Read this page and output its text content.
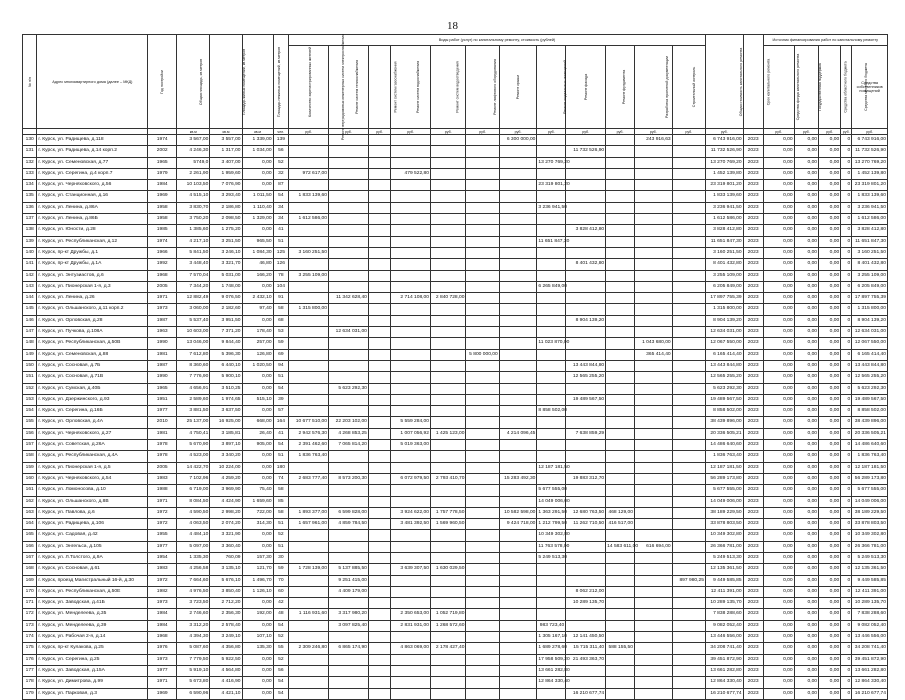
18
№ п/п	Адрес многоквартирного дома (далее – МКД)	Год постройки	Общая площадь, кв.метров	Площадь жилых помещений, кв.метров	Площадь нежилых помещений, кв.метров	Количество зарегистрированных жителей	Виды работ (услуг) по капитальному ремонту, стоимость (рублей)												Общая стоимость капитального ремонта	Срок капитального ремонта	Источник финансирования работ по капитальному ремонту				
							Ремонт внутридомовых инженерных систем электроснабжения	Ремонт систем теплоснабжения	Ремонт систем газоснабжения	Ремонт систем водоснабжения	Ремонт систем водоотведения	Ремонт лифтового оборудования	Ремонт крыши	Ремонт подвальных помещений	Ремонт фасада	Ремонт фундамента	Разработка проектной документации	Строительный контроль			Средства фонда капитального ремонта	Государственная поддержка	Средства областного бюджета	Средства местного бюджета	Средства собственников помещений
			кв.м	кв.м	кв.м	чел.	руб.	руб.	руб.	руб.	руб.	руб.	руб.	руб.	руб.	руб.	руб.	руб.	руб.		руб.	руб.	руб.	руб.	руб.
130	г. Курск, ул. Радищева, д.118	1974	3 567,00	3 557,00	1 339,00	139							6 300 000,00				243 916,63		6 743 916,00	2023	0,00	0,00	0,00	0	6 743 916,00
131	г. Курск, ул. Радищева, д.14 корп.2	2002	4 246,30	1 317,00	1 034,00	56									11 732 526,90				11 732 526,90	2023	0,00	0,00	0,00	0	11 732 526,90
132	г. Курск, ул. Семеновская, д.77	1965	5749,0	3 407,00	0,00	52								13 270 769,20					13 270 769,20	2023	0,00	0,00	0,00	0	13 270 769,20
133	г. Курск, ул. Серегина, д.4 корп.7	1979	2 261,90	1 959,60	0,00	32	972 617,00			479 522,80									1 452 139,80	2023	0,00	0,00	0,00	0	1 452 139,80
134	г. Курск, ул. Черняховского, д.56	1984	10 103,50	7 076,90	0,00	87								23 319 801,20					23 319 801,20	2023	0,00	0,00	0,00	0	23 319 801,20
135	г. Курск, ул. Станционная, д.16	1969	4 515,10	3 293,40	1 011,50	54	1 833 139,60												1 833 139,60	2023	0,00	0,00	0,00	0	1 833 139,60
136	г. Курск, ул. Ленина, д.86А	1958	3 830,70	2 186,80	1 110,40	34								3 236 941,50					3 236 941,50	2023	0,00	0,00	0,00	0	3 236 941,50
137	г. Курск, ул. Ленина, д.86Б	1958	3 750,20	2 098,50	1 329,00	34	1 612 586,00												1 612 586,00	2023	0,00	0,00	0,00	0	1 612 586,00
138	г. Курск, ул. Юности, д.28	1985	1 385,60	1 275,20	0,00	41									3 828 412,80				3 828 412,80	2023	0,00	0,00	0,00	0	3 828 412,80
139	г. Курск, ул. Республиканская, д.12	1974	4 217,10	3 251,50	965,50	51								11 651 847,30					11 651 847,30	2023	0,00	0,00	0,00	0	11 651 847,30
140	г. Курск, пр-кт Дружбы, д.1	1966	5 841,50	3 246,10	1 084,30	125	3 160 251,50												3 160 251,50	2023	0,00	0,00	0,00	0	3 160 251,50
141	г. Курск, пр-кт Дружбы, д.1А	1992	3 448,40	3 321,70	46,80	126									8 401 432,80				8 401 432,80	2023	0,00	0,00	0,00	0	8 401 432,80
142	г. Курск, ул. Энтузиастов, д.6	1968	7 570,04	5 031,00	166,20	78	3 255 109,00												3 255 109,00	2023	0,00	0,00	0,00	0	3 255 109,00
143	г. Курск, ул. Пионерская 1-я, д.3	2005	7 344,20	1 748,00	0,00	104								6 265 849,00					6 205 849,00	2023	0,00	0,00	0,00	0	6 205 849,00
144	г. Курск, ул. Ленина, д.26	1971	12 882,49	9 076,50	2 432,10	91		11 342 628,40		2 714 108,00	2 840 728,00								17 897 755,39	2023	0,00	0,00	0,00	0	17 897 755,39
145	г. Курск, ул. Ольшанского, д.11 корп.2	1973	3 060,00	2 182,60	97,40	58	1 315 800,00												1 315 800,00	2023	0,00	0,00	0,00	0	1 315 800,00
146	г. Курск, ул. Орловская, д.28	1987	5 537,40	3 951,50	0,00	68									8 904 139,20				8 904 139,20	2023	0,00	0,00	0,00	0	8 904 139,20
147	г. Курск, ул. Пучкова, д.108А	1963	10 603,00	7 371,20	178,40	53		12 634 031,00											12 634 031,00	2023	0,00	0,00	0,00	0	12 634 031,00
148	г. Курск, ул. Республиканская, д.50В	1990	13 046,00	9 844,40	257,00	59								11 023 870,00			1 043 680,00		12 067 550,00	2023	0,00	0,00	0,00	0	12 067 550,00
149	г. Курск, ул. Семеновская, д.88	1981	7 612,80	5 396,30	126,80	69						5 800 000,00					365 414,40		6 165 414,40	2023	0,00	0,00	0,00	0	6 165 414,40
150	г. Курск, ул. Сосновая, д.7Б	1987	8 360,60	6 440,10	1 020,50	94									13 443 844,80				13 443 844,80	2023	0,00	0,00	0,00	0	13 443 844,80
151	г. Курск, ул. Сосновая, д.71В	1990	7 776,90	5 900,10	0,00	51									12 565 255,20				12 565 255,20	2023	0,00	0,00	0,00	0	12 565 255,20
152	г. Курск, ул. Сумская, д.40Б	1965	4 656,91	3 510,25	0,00	54		5 623 292,30											5 623 292,30	2023	0,00	0,00	0,00	0	5 623 292,30
153	г. Курск, ул. Дзержинского, д.93	1951	2 589,60	1 974,65	515,10	39									19 489 567,50				19 489 567,50	2023	0,00	0,00	0,00	0	19 489 567,50
154	г. Курск, ул. Серегина, д.16Б	1977	3 881,50	3 637,50	0,00	57								8 858 502,00					8 858 502,00	2023	0,00	0,00	0,00	0	8 858 502,00
155	г. Курск, ул. Орловская, д.4А	2010	25 137,00	16 925,00	668,00	164	10 677 510,00	22 203 102,00		5 559 284,00									38 439 896,00	2023	0,00	0,00	0,00	0	38 439 896,00
156	г. Курск, ул. Черняховского, д.27	1981	4 750,41	3 185,81	26,40	41	2 942 576,30	4 268 853,25		1 007 056,92	1 425 123,00		4 214 096,45		7 638 859,29				20 336 505,21	2023	0,00	0,00	0,00	0	20 336 505,21
157	г. Курск, ул. Советская, д.26А	1978	5 670,90	3 897,10	905,00	54	2 391 462,60	7 065 814,20		5 019 363,00									14 486 640,60	2023	0,00	0,00	0,00	0	14 486 640,60
158	г. Курск, ул. Республиканская, д.4А	1978	4 523,00	3 340,20	0,00	51	1 836 763,40												1 836 763,40	2023	0,00	0,00	0,00	0	1 836 763,40
159	г. Курск, ул. Пионерская 1-я, д.5	2005	14 422,70	10 224,00	0,00	180								12 187 181,50					12 187 181,50	2023	0,00	0,00	0,00	0	12 187 181,50
160	г. Курск, ул. Черняховского, д.54	1983	7 102,96	4 259,20	0,00	74	2 683 777,40	8 573 200,30		6 072 979,50	2 793 410,70		15 283 492,30		19 883 312,70				56 289 173,80	2023	0,00	0,00	0,00	0	56 289 173,80
161	г. Курск, ул. Ломоносова, д.10	1988	6 719,00	3 969,90	75,40	58								5 677 555,00					5 677 555,00	2023	0,00	0,00	0,00	0	5 677 555,00
162	г. Курск, ул. Ольшанского, д.8В	1971	8 084,50	4 424,90	1 659,60	85								14 049 006,00					14 049 006,00	2023	0,00	0,00	0,00	0	14 049 006,00
163	г. Курск, ул. Павлова, д.6	1972	4 590,50	2 998,20	722,00	58	1 893 377,00	6 599 828,00		3 924 622,00	1 757 778,50		10 582 598,00	1 363 291,50	12 680 763,50	468 129,00			38 189 229,50	2023	0,00	0,00	0,00	0	38 189 229,50
164	г. Курск, ул. Радищева, д.106	1972	4 063,50	2 074,20	314,30	51	1 657 961,00	4 859 784,50		3 481 392,50	1 569 960,50		9 424 718,00	1 212 799,50	11 262 710,50	416 517,00			33 878 803,50	2023	0,00	0,00	0,00	0	33 878 803,50
165	г. Курск, ул. Садовая, д.42	1955	4 484,10	3 321,90	0,00	52								10 349 302,80					10 349 302,80	2023	0,00	0,00	0,00	0	10 349 302,80
166	г. Курск, ул. Энгельса, д.105	1977	5 097,00	3 360,40	0,00	51								11 763 578,00		14 583 611,00	616 694,00		26 366 781,00	2023	0,00	0,00	0,00	0	26 366 781,00
167	г. Курск, ул. Л.Толстого, д.9А	1954	1 335,30	760,09	157,30	30								5 249 513,30					5 249 513,30	2023	0,00	0,00	0,00	0	5 249 513,30
168	г. Курск, ул. Сосновая, д.61	1983	4 256,58	3 135,10	121,70	59	1 728 139,00	5 137 885,50		3 639 307,50	1 630 029,50								12 135 361,50	2023	0,00	0,00	0,00	0	12 135 361,50
169	г. Курск, проезд Магистральный 16-й, д.30	1972	7 664,60	5 676,10	1 496,70	70		9 251 415,00										897 980,25	9 449 585,85	2023	0,00	0,00	0,00	0	9 449 585,85
170	г. Курск, ул. Республиканская, д.50Е	1982	4 976,50	3 850,40	1 126,10	60		4 409 179,00							8 062 212,00				12 411 391,00	2023	0,00	0,00	0,00	0	12 411 391,00
171	г. Курск, ул. Заводская, д.41Б	1973	3 723,50	2 712,20	0,00	42									10 289 135,70				10 289 135,70	2023	0,00	0,00	0,00	0	10 289 135,70
172	г. Курск, ул. Менделеева, д.35	1984	2 746,60	2 356,30	192,00	48	1 116 931,60	3 317 980,20		2 350 653,00	1 052 719,80								7 838 288,60	2023	0,00	0,00	0,00	0	7 838 288,60
173	г. Курск, ул. Менделеева, д.39	1984	3 312,20	2 578,40	0,00	54		3 097 825,40		2 831 931,00	1 268 572,60			983 723,40					9 082 052,40	2023	0,00	0,00	0,00	0	9 082 052,40
174	г. Курск, ул. Рабочая 2-я, д.14	1968	4 394,30	3 249,10	107,10	52								1 305 167,10	12 141 450,50				13 446 556,00	2023	0,00	0,00	0,00	0	13 446 556,00
175	г. Курск, пр-кт Кулакова, д.25	1976	5 087,60	4 356,80	135,30	55	2 309 246,80	6 865 174,90		4 863 069,00	2 178 427,40			1 689 278,60	15 715 311,40	588 155,50			34 208 741,40	2023	0,00	0,00	0,00	0	34 208 741,40
176	г. Курск, ул. Серегина, д.25	1973	7 779,50	5 922,50	0,00	52								17 958 509,20	21 493 363,70				39 451 872,90	2023	0,00	0,00	0,00	0	39 451 872,90
177	г. Курск, ул. Заводская, д.15А	1977	5 919,10	4 564,80	0,00	56								13 661 282,80					13 661 282,80	2023	0,00	0,00	0,00	0	13 661 282,80
178	г. Курск, ул. Димитрова, д.99	1971	5 673,80	4 416,90	0,00	54								12 864 330,40					12 864 330,40	2023	0,00	0,00	0,00	0	12 864 330,40
179	г. Курск, ул. Парковая, д.3	1969	6 590,96	4 421,10	0,00	54									16 210 677,74				16 210 677,74	2023	0,00	0,00	0,00	0	16 210 677,74
